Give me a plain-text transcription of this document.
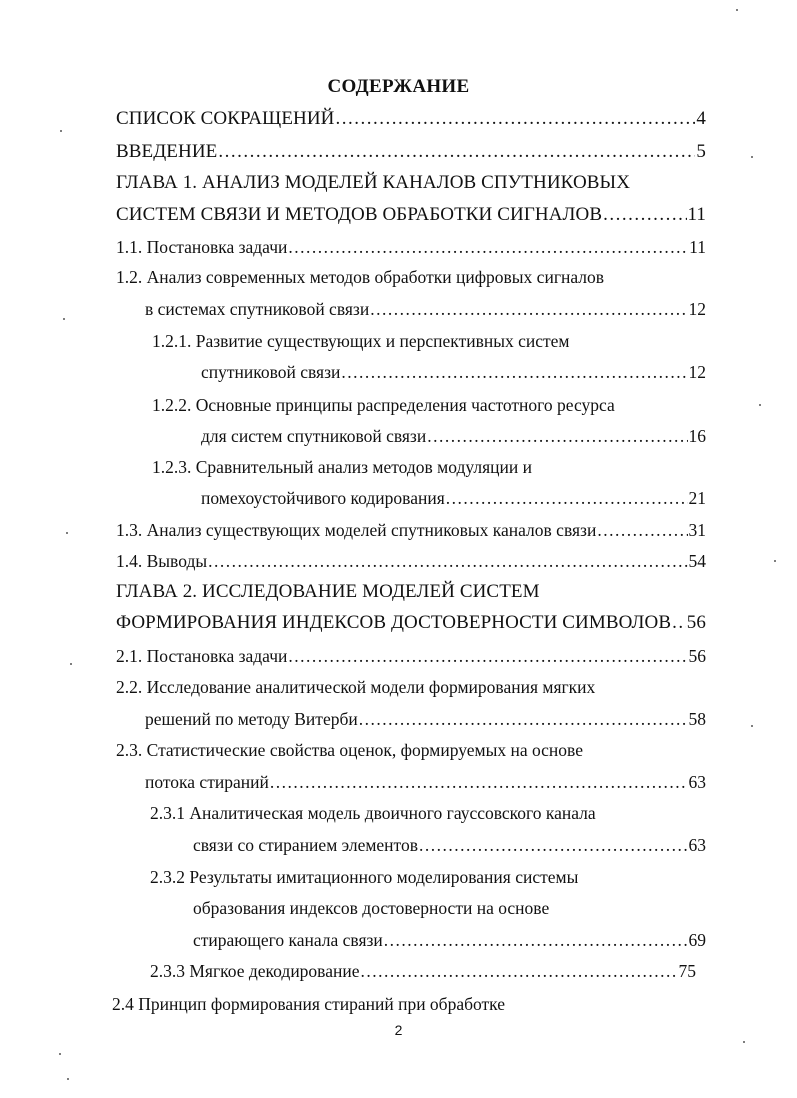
СОДЕРЖАНИЕ
СПИСОК СОКРАЩЕНИЙ .....	4
ВВЕДЕНИЕ .....	5
ГЛАВА 1. АНАЛИЗ МОДЕЛЕЙ КАНАЛОВ СПУТНИКОВЫХ
СИСТЕМ СВЯЗИ И МЕТОДОВ ОБРАБОТКИ СИГНАЛОВ .....	11
1.1. Постановка задачи .....	11
1.2. Анализ современных методов обработки цифровых сигналов
в системах спутниковой связи .....	12
1.2.1. Развитие существующих и перспективных систем
спутниковой связи .....	12
1.2.2. Основные принципы распределения частотного ресурса
для систем спутниковой связи .....	16
1.2.3. Сравнительный анализ методов модуляции и
помехоустойчивого кодирования .....	21
1.3. Анализ существующих моделей спутниковых каналов связи .....	31
1.4. Выводы .....	54
ГЛАВА 2. ИССЛЕДОВАНИЕ МОДЕЛЕЙ СИСТЕМ
ФОРМИРОВАНИЯ ИНДЕКСОВ ДОСТОВЕРНОСТИ СИМВОЛОВ ..... 56
2.1. Постановка задачи .....	56
2.2. Исследование аналитической модели формирования мягких
решений по методу Витерби .....	58
2.3. Статистические свойства оценок, формируемых на основе
потока стираний .....	63
2.3.1 Аналитическая модель двоичного гауссовского канала
связи со стиранием элементов .....	63
2.3.2 Результаты имитационного моделирования системы
образования индексов достоверности на основе
стирающего канала связи .....	69
2.3.3 Мягкое декодирование .....	75
2.4 Принцип формирования стираний при обработке
2
